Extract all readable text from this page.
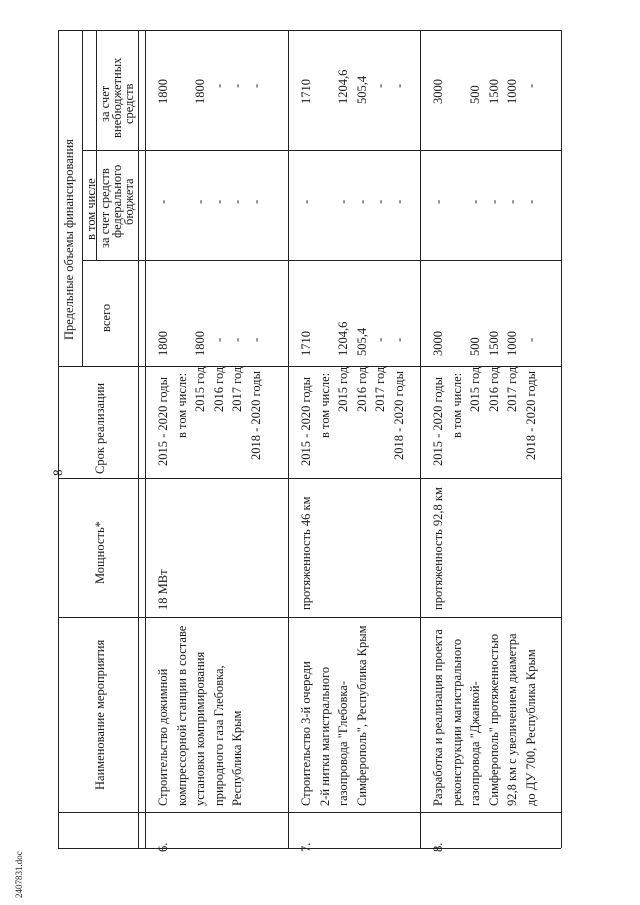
8
Наименование мероприятия
Мощность*
Срок реализации
Предельные объемы финансирования всего
в том числе за счет средств
федерального
бюджета
за счет
внебюджетных
средств
6.
Строительство дожимной компрессорной станции в составе установки компримирования природного газа Глебовка, Республика Крым
18 МВт
2015 - 2020 годы в том числе: 2015 год 2016 год 2017 год 2018 - 2020 годы
1800 1800 - - -
- - - - -
1800 1800 - - -
7.
Строительство 3-й очереди 2-й нитки магистрального газопровода "Глебовка- Симферополь", Республика Крым
протяженность 46 км
2015 - 2020 годы в том числе: 2015 год 2016 год 2017 год 2018 - 2020 годы
1710 1204,6 505,4 - -
- - - - -
1710 1204,6 505,4 - -
8.
Разработка и реализация проекта реконструкции магистрального газопровода "Джанкой- Симферополь" протяженностью 92,8 км с увеличением диаметра до ДУ 700, Республика Крым
протяженность 92,8 км
2015 - 2020 годы в том числе: 2015 год 2016 год 2017 год 2018 - 2020 годы
3000 500 1500 1000 -
- - - - -
3000 500 1500 1000 -
2407831.doc
